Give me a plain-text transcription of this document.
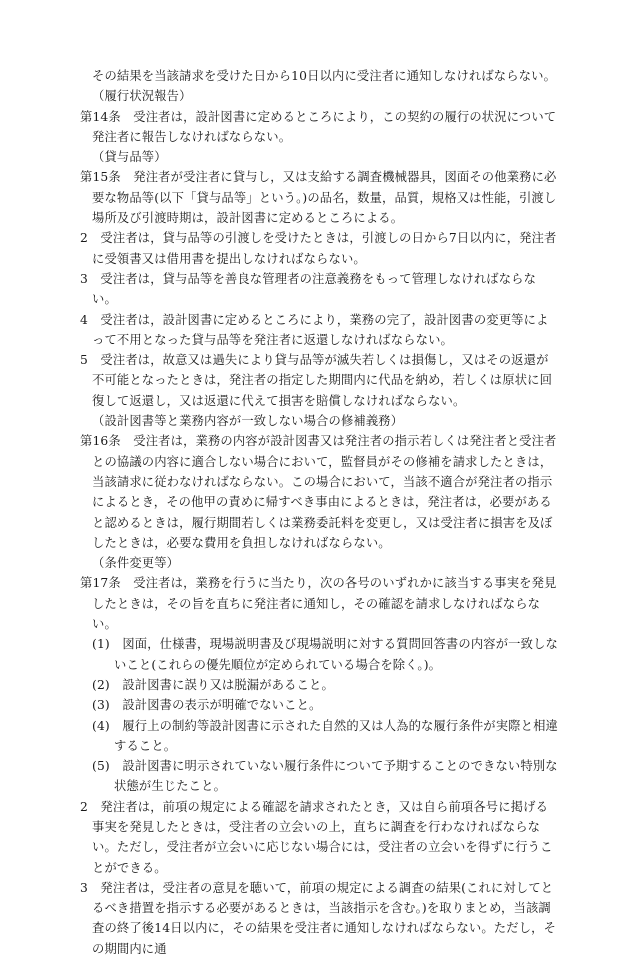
その結果を当該請求を受けた日から10日以内に受注者に通知しなければならない。

（履行状況報告）

第14条　受注者は，設計図書に定めるところにより，この契約の履行の状況について発注者に報告しなければならない。

（貸与品等）

第15条　発注者が受注者に貸与し，又は支給する調査機械器具，図面その他業務に必要な物品等(以下「貸与品等」という。)の品名，数量，品質，規格又は性能，引渡し場所及び引渡時期は，設計図書に定めるところによる。

2　受注者は，貸与品等の引渡しを受けたときは，引渡しの日から7日以内に，発注者に受領書又は借用書を提出しなければならない。

3　受注者は，貸与品等を善良な管理者の注意義務をもって管理しなければならない。

4　受注者は，設計図書に定めるところにより，業務の完了，設計図書の変更等によって不用となった貸与品等を発注者に返還しなければならない。

5　受注者は，故意又は過失により貸与品等が滅失若しくは損傷し，又はその返還が不可能となったときは，発注者の指定した期間内に代品を納め，若しくは原状に回復して返還し，又は返還に代えて損害を賠償しなければならない。

（設計図書等と業務内容が一致しない場合の修補義務）

第16条　受注者は，業務の内容が設計図書又は発注者の指示若しくは発注者と受注者との協議の内容に適合しない場合において，監督員がその修補を請求したときは，当該請求に従わなければならない。この場合において，当該不適合が発注者の指示によるとき，その他甲の責めに帰すべき事由によるときは，発注者は，必要があると認めるときは，履行期間若しくは業務委託料を変更し，又は受注者に損害を及ぼしたときは，必要な費用を負担しなければならない。

（条件変更等）

第17条　受注者は，業務を行うに当たり，次の各号のいずれかに該当する事実を発見したときは，その旨を直ちに発注者に通知し，その確認を請求しなければならない。

(1)　図面，仕様書，現場説明書及び現場説明に対する質問回答書の内容が一致しないこと(これらの優先順位が定められている場合を除く。)。

(2)　設計図書に誤り又は脱漏があること。

(3)　設計図書の表示が明確でないこと。

(4)　履行上の制約等設計図書に示された自然的又は人為的な履行条件が実際と相違すること。

(5)　設計図書に明示されていない履行条件について予期することのできない特別な状態が生じたこと。

2　発注者は，前項の規定による確認を請求されたとき，又は自ら前項各号に掲げる事実を発見したときは，受注者の立会いの上，直ちに調査を行わなければならない。ただし，受注者が立会いに応じない場合には，受注者の立会いを得ずに行うことができる。

3　発注者は，受注者の意見を聴いて，前項の規定による調査の結果(これに対してとるべき措置を指示する必要があるときは，当該指示を含む。)を取りまとめ，当該調査の終了後14日以内に，その結果を受注者に通知しなければならない。ただし，その期間内に通
